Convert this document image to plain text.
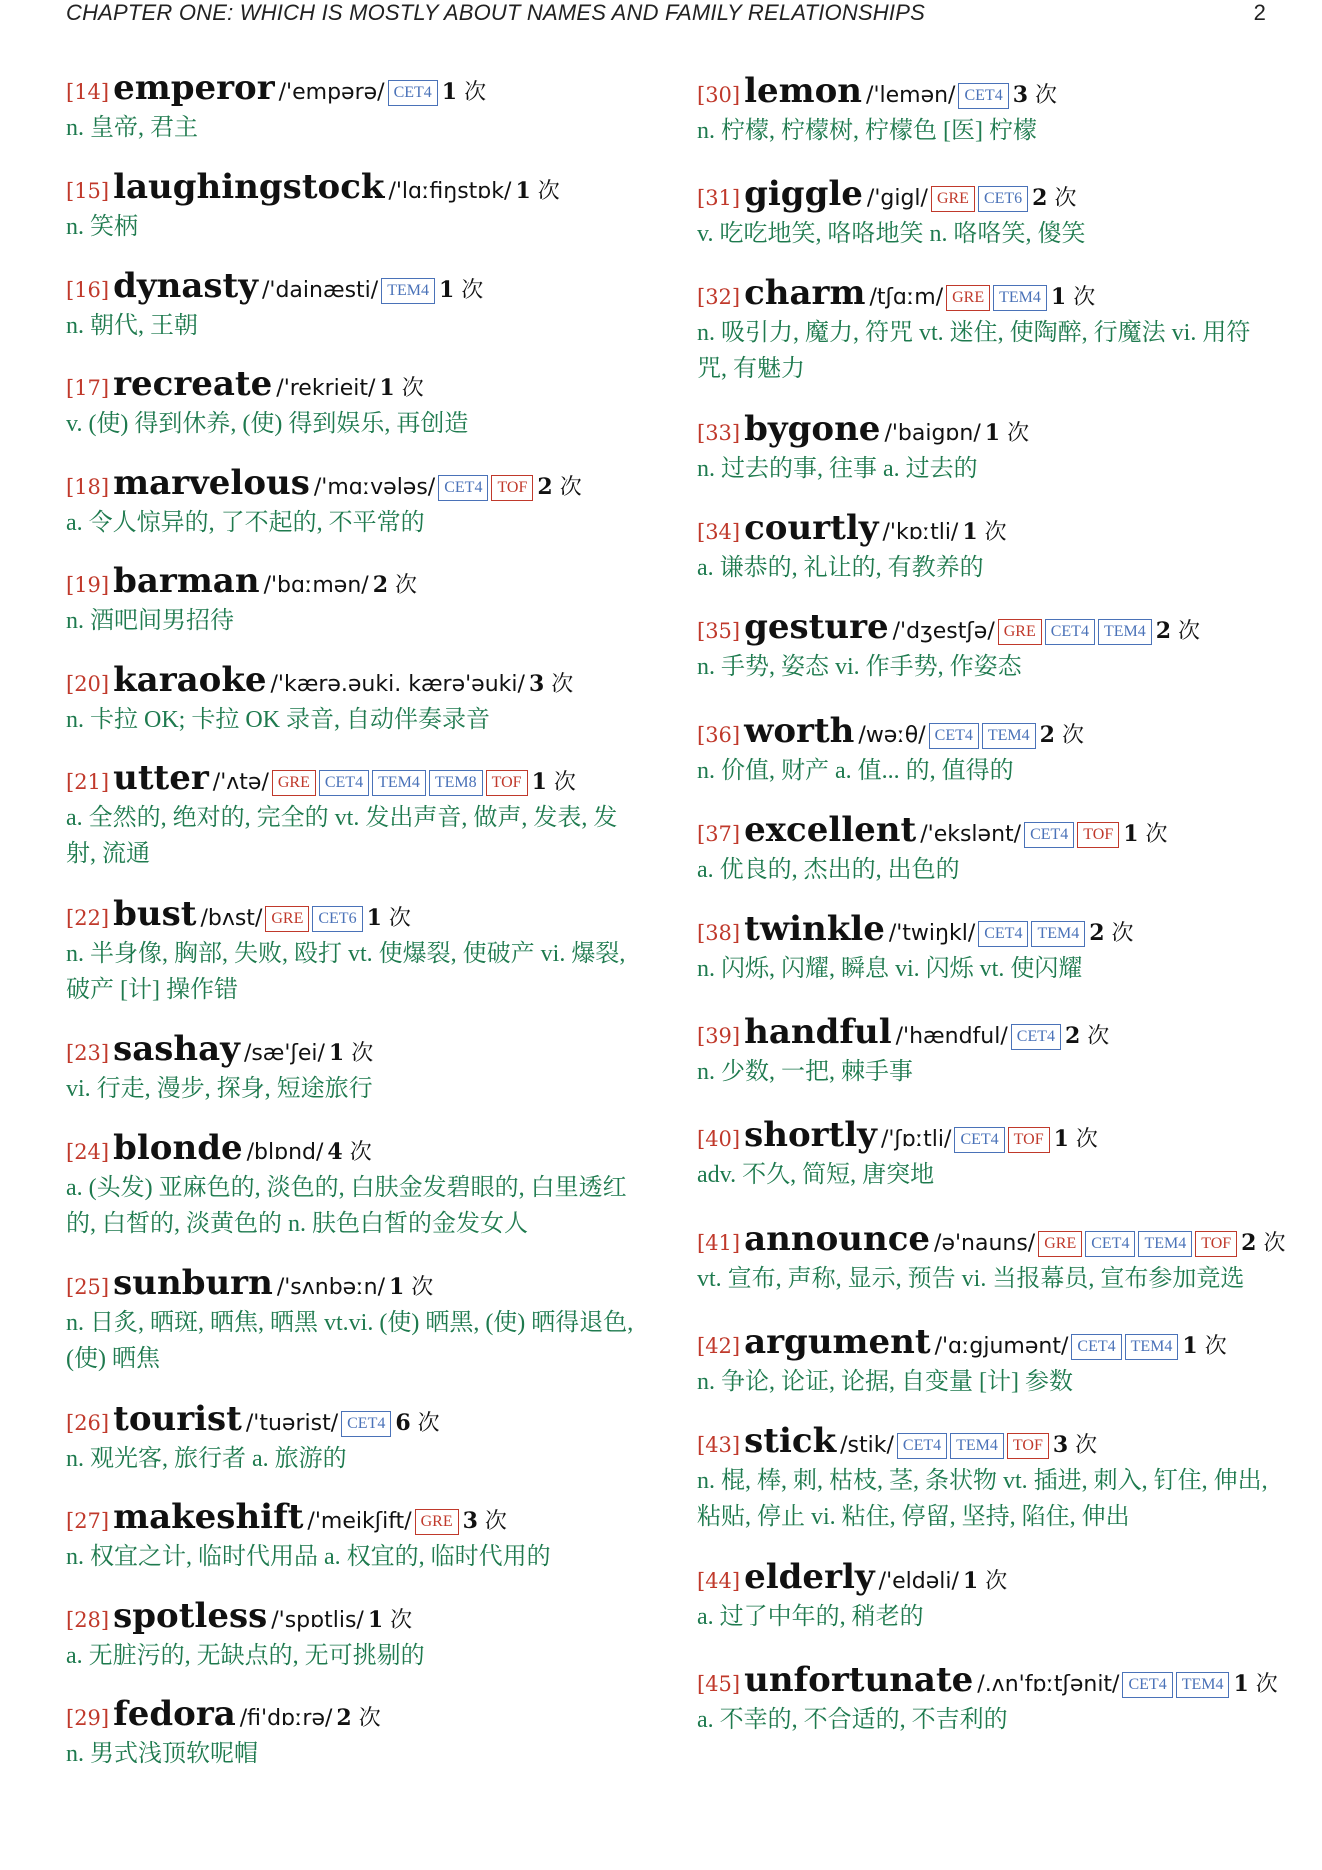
CHAPTER ONE: WHICH IS MOSTLY ABOUT NAMES AND FAMILY RELATIONSHIPS	2
[14] emperor /'empərə/ CET4 1 次
n. 皇帝, 君主
[15] laughingstock /'lɑːfiŋstɒk/ 1 次
n. 笑柄
[16] dynasty /'dainæsti/ TEM4 1 次
n. 朝代, 王朝
[17] recreate /'rekrieit/ 1 次
v. (使) 得到休养, (使) 得到娱乐, 再创造
[18] marvelous /'mɑːvələs/ CET4 TOF 2 次
a. 令人惊异的, 了不起的, 不平常的
[19] barman /'bɑːmən/ 2 次
n. 酒吧间男招待
[20] karaoke /'kærə.əuki. kærə'əuki/ 3 次
n. 卡拉 OK; 卡拉 OK 录音, 自动伴奏录音
[21] utter /'ʌtə/ GRE CET4 TEM4 TEM8 TOF 1 次
a. 全然的, 绝对的, 完全的 vt. 发出声音, 做声, 发表, 发射, 流通
[22] bust /bʌst/ GRE CET6 1 次
n. 半身像, 胸部, 失败, 殴打 vt. 使爆裂, 使破产 vi. 爆裂, 破产 [计] 操作错
[23] sashay /sæ'ʃei/ 1 次
vi. 行走, 漫步, 探身, 短途旅行
[24] blonde /blɒnd/ 4 次
a. (头发) 亚麻色的, 淡色的, 白肤金发碧眼的, 白里透红的, 白皙的, 淡黄色的 n. 肤色白皙的金发女人
[25] sunburn /'sʌnbəːn/ 1 次
n. 日炙, 晒斑, 晒焦, 晒黑 vt.vi. (使) 晒黑, (使) 晒得退色, (使) 晒焦
[26] tourist /'tuərist/ CET4 6 次
n. 观光客, 旅行者 a. 旅游的
[27] makeshift /'meikʃift/ GRE 3 次
n. 权宜之计, 临时代用品 a. 权宜的, 临时代用的
[28] spotless /'spɒtlis/ 1 次
a. 无脏污的, 无缺点的, 无可挑剔的
[29] fedora /fi'dɒːrə/ 2 次
n. 男式浅顶软呢帽
[30] lemon /'lemən/ CET4 3 次
n. 柠檬, 柠檬树, 柠檬色 [医] 柠檬
[31] giggle /'gigl/ GRE CET6 2 次
v. 吃吃地笑, 咯咯地笑 n. 咯咯笑, 傻笑
[32] charm /tʃɑːm/ GRE TEM4 1 次
n. 吸引力, 魔力, 符咒 vt. 迷住, 使陶醉, 行魔法 vi. 用符咒, 有魅力
[33] bygone /'baigɒn/ 1 次
n. 过去的事, 往事 a. 过去的
[34] courtly /'kɒːtli/ 1 次
a. 谦恭的, 礼让的, 有教养的
[35] gesture /'dʒestʃə/ GRE CET4 TEM4 2 次
n. 手势, 姿态 vi. 作手势, 作姿态
[36] worth /wəːθ/ CET4 TEM4 2 次
n. 价值, 财产 a. 值... 的, 值得的
[37] excellent /'ekslənt/ CET4 TOF 1 次
a. 优良的, 杰出的, 出色的
[38] twinkle /'twiŋkl/ CET4 TEM4 2 次
n. 闪烁, 闪耀, 瞬息 vi. 闪烁 vt. 使闪耀
[39] handful /'hændful/ CET4 2 次
n. 少数, 一把, 棘手事
[40] shortly /'ʃɒːtli/ CET4 TOF 1 次
adv. 不久, 简短, 唐突地
[41] announce /ə'nauns/ GRE CET4 TEM4 TOF 2 次
vt. 宣布, 声称, 显示, 预告 vi. 当报幕员, 宣布参加竞选
[42] argument /'ɑːgjumənt/ CET4 TEM4 1 次
n. 争论, 论证, 论据, 自变量 [计] 参数
[43] stick /stik/ CET4 TEM4 TOF 3 次
n. 棍, 棒, 刺, 枯枝, 茎, 条状物 vt. 插进, 刺入, 钉住, 伸出, 粘贴, 停止 vi. 粘住, 停留, 坚持, 陷住, 伸出
[44] elderly /'eldəli/ 1 次
a. 过了中年的, 稍老的
[45] unfortunate /.ʌn'fɒːtʃənit/ CET4 TEM4 1 次
a. 不幸的, 不合适的, 不吉利的
